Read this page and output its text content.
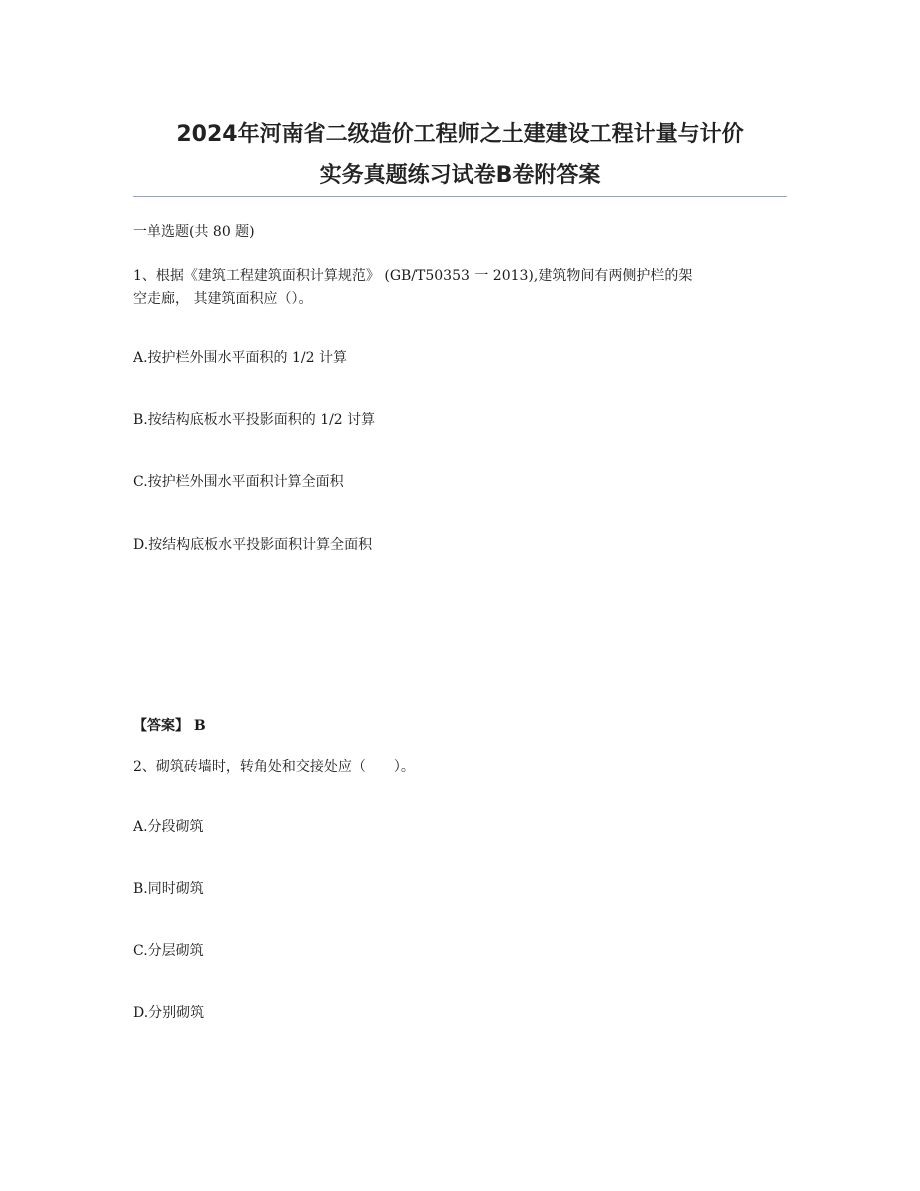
2024年河南省二级造价工程师之土建建设工程计量与计价
实务真题练习试卷B卷附答案
一单选题(共 80 题)
1、根据《建筑工程建筑面积计算规范》 (GB/T50353 一 2013),建筑物间有两侧护栏的架
空走廊， 其建筑面积应（）。
A.按护栏外围水平面积的 1/2 计算
B.按结构底板水平投影面积的 1/2 讨算
C.按护栏外围水平面积计算全面积
D.按结构底板水平投影面积计算全面积
【答案】 B
2、砌筑砖墙时，转角处和交接处应（　　）。
A.分段砌筑
B.同时砌筑
C.分层砌筑
D.分别砌筑
